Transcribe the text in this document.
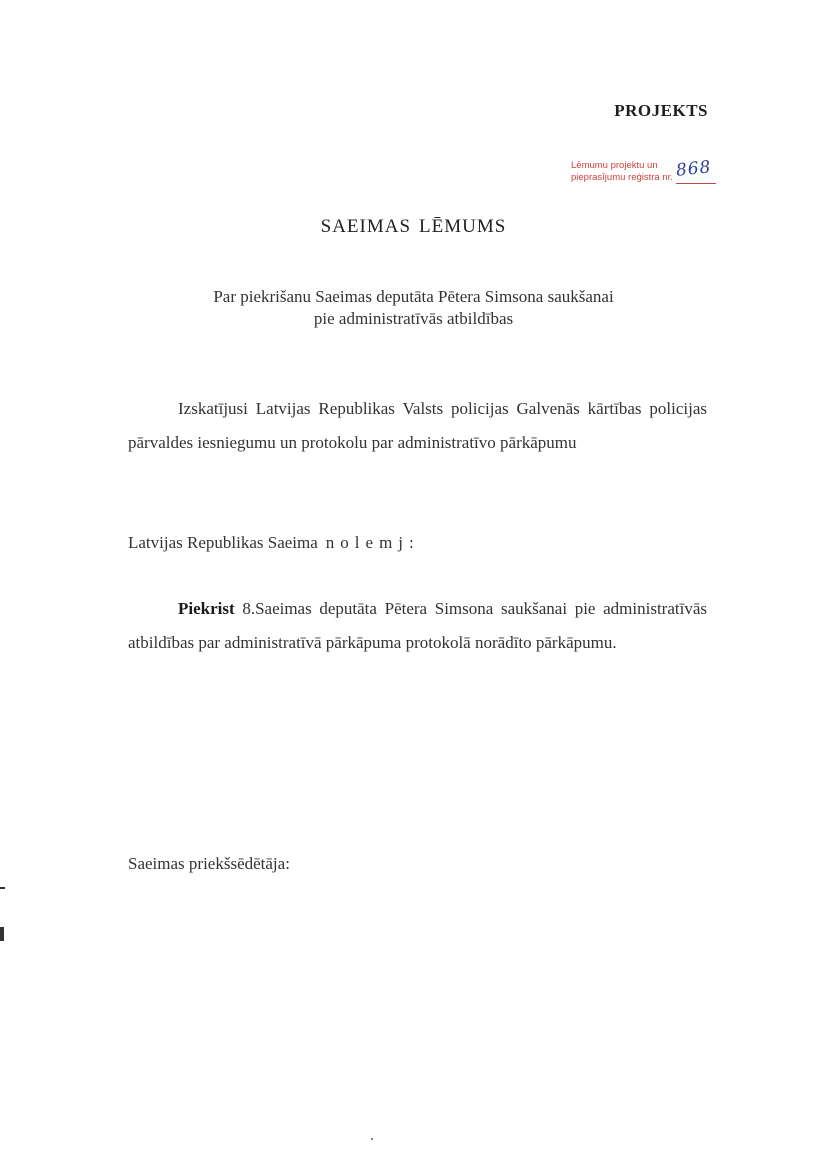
PROJEKTS
Lēmumu projektu un
pieprasījumu reģistra nr. 868
SAEIMAS LĒMUMS
Par piekrišanu Saeimas deputāta Pētera Simsona saukšanai
pie administratīvās atbildības
Izskatījusi Latvijas Republikas Valsts policijas Galvenās kārtības policijas pārvaldes iesniegumu un protokolu par administratīvo pārkāpumu
Latvijas Republikas Saeima nolemj:
Piekrist 8.Saeimas deputāta Pētera Simsona saukšanai pie administratīvās atbildības par administratīvā pārkāpuma protokolā norādīto pārkāpumu.
Saeimas priekšsēdētāja:
